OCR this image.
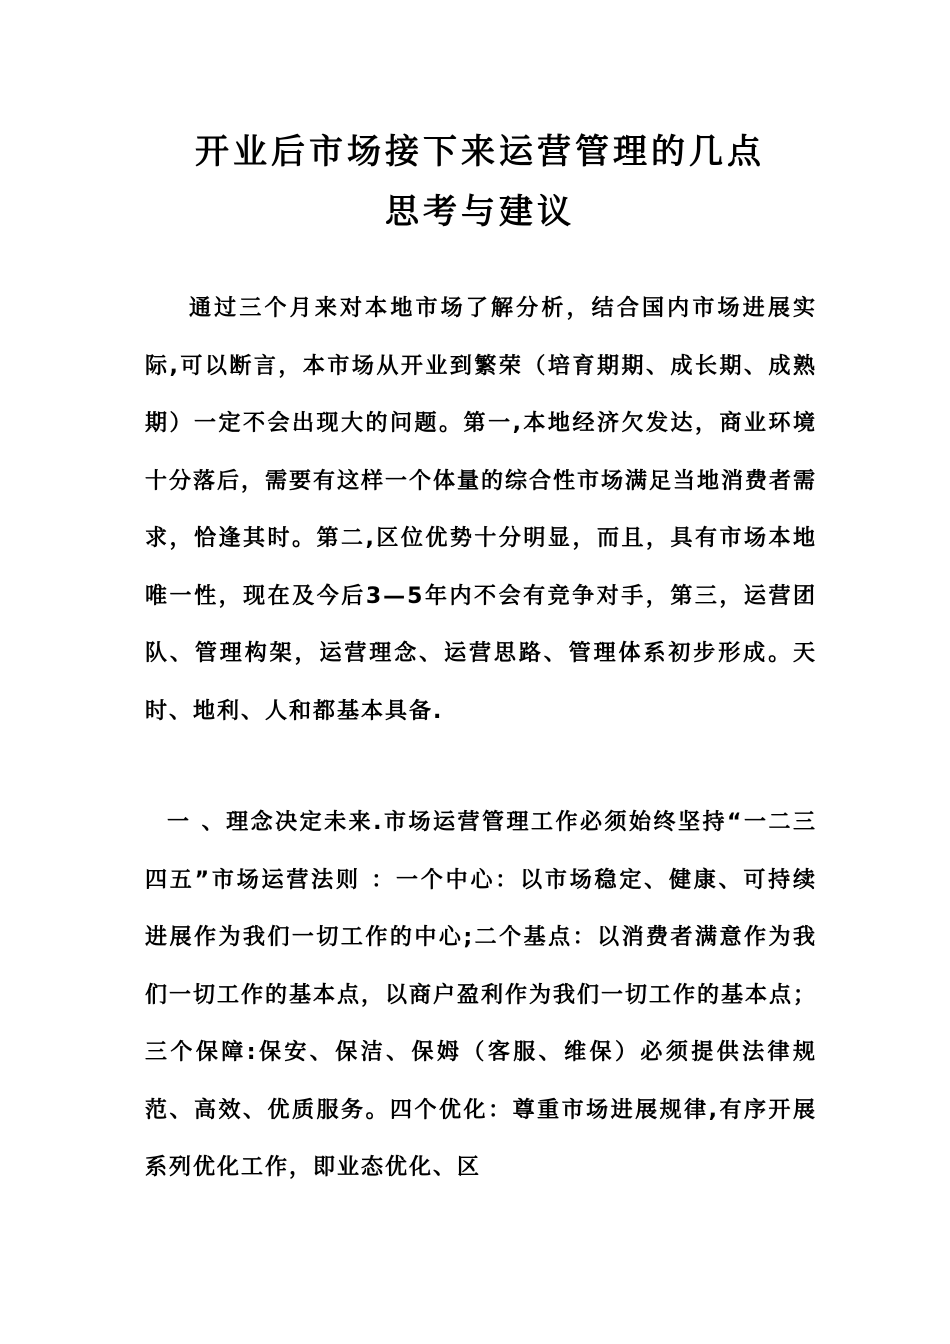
开业后市场接下来运营管理的几点
思考与建议

通过三个月来对本地市场了解分析，结合国内市场进展实际,可以断言，本市场从开业到繁荣（培育期期、成长期、成熟期）一定不会出现大的问题。第一,本地经济欠发达，商业环境十分落后，需要有这样一个体量的综合性市场满足当地消费者需求，恰逢其时。第二,区位优势十分明显，而且，具有市场本地唯一性，现在及今后3—5年内不会有竞争对手，第三，运营团队、管理构架，运营理念、运营思路、管理体系初步形成。天时、地利、人和都基本具备.

一 、理念决定未来.市场运营管理工作必须始终坚持“一二三四五”市场运营法则 ：一个中心：以市场稳定、健康、可持续进展作为我们一切工作的中心;二个基点：以消费者满意作为我们一切工作的基本点，以商户盈利作为我们一切工作的基本点；三个保障:保安、保洁、保姆（客服、维保）必须提供法律规范、高效、优质服务。四个优化：尊重市场进展规律,有序开展系列优化工作，即业态优化、区
